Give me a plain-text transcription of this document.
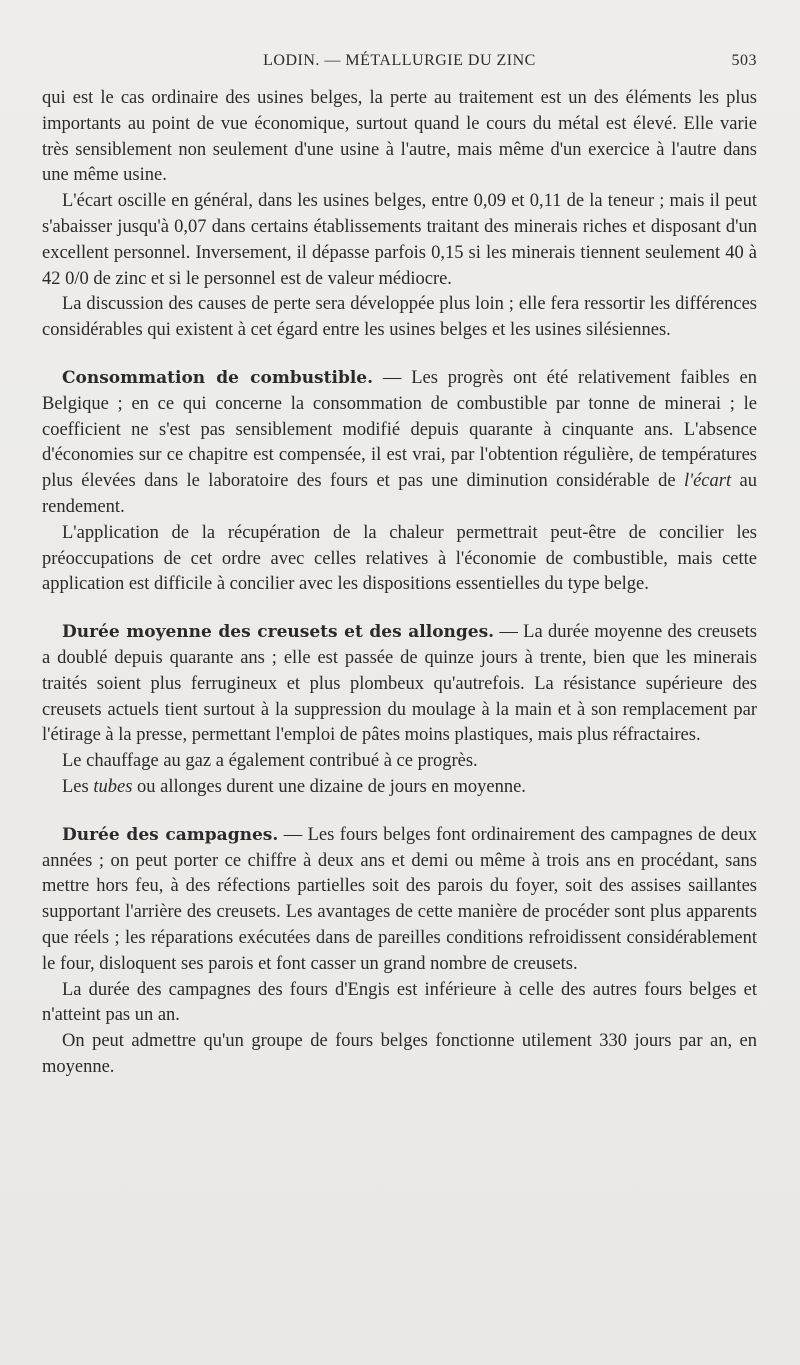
LODIN. — MÉTALLURGIE DU ZINC	503

qui est le cas ordinaire des usines belges, la perte au traitement est un des éléments les plus importants au point de vue économique, surtout quand le cours du métal est élevé. Elle varie très sensiblement non seulement d'une usine à l'autre, mais même d'un exercice à l'autre dans une même usine.

L'écart oscille en général, dans les usines belges, entre 0,09 et 0,11 de la teneur ; mais il peut s'abaisser jusqu'à 0,07 dans certains établissements traitant des minerais riches et disposant d'un excellent personnel. Inversement, il dépasse parfois 0,15 si les minerais tiennent seulement 40 à 42 0/0 de zinc et si le personnel est de valeur médiocre.

La discussion des causes de perte sera développée plus loin ; elle fera ressortir les différences considérables qui existent à cet égard entre les usines belges et les usines silésiennes.

Consommation de combustible. — Les progrès ont été relativement faibles en Belgique ; en ce qui concerne la consommation de combustible par tonne de minerai ; le coefficient ne s'est pas sensiblement modifié depuis quarante à cinquante ans. L'absence d'économies sur ce chapitre est compensée, il est vrai, par l'obtention régulière, de températures plus élevées dans le laboratoire des fours et pas une diminution considérable de l'écart au rendement.

L'application de la récupération de la chaleur permettrait peut-être de concilier les préoccupations de cet ordre avec celles relatives à l'économie de combustible, mais cette application est difficile à concilier avec les dispositions essentielles du type belge.

Durée moyenne des creusets et des allonges. — La durée moyenne des creusets a doublé depuis quarante ans ; elle est passée de quinze jours à trente, bien que les minerais traités soient plus ferrugineux et plus plombeux qu'autrefois. La résistance supérieure des creusets actuels tient surtout à la suppression du moulage à la main et à son remplacement par l'étirage à la presse, permettant l'emploi de pâtes moins plastiques, mais plus réfractaires.

Le chauffage au gaz a également contribué à ce progrès.

Les tubes ou allonges durent une dizaine de jours en moyenne.

Durée des campagnes. — Les fours belges font ordinairement des campagnes de deux années ; on peut porter ce chiffre à deux ans et demi ou même à trois ans en procédant, sans mettre hors feu, à des réfections partielles soit des parois du foyer, soit des assises saillantes supportant l'arrière des creusets. Les avantages de cette manière de procéder sont plus apparents que réels ; les réparations exécutées dans de pareilles conditions refroidissent considérablement le four, disloquent ses parois et font casser un grand nombre de creusets.

La durée des campagnes des fours d'Engis est inférieure à celle des autres fours belges et n'atteint pas un an.

On peut admettre qu'un groupe de fours belges fonctionne utilement 330 jours par an, en moyenne.
